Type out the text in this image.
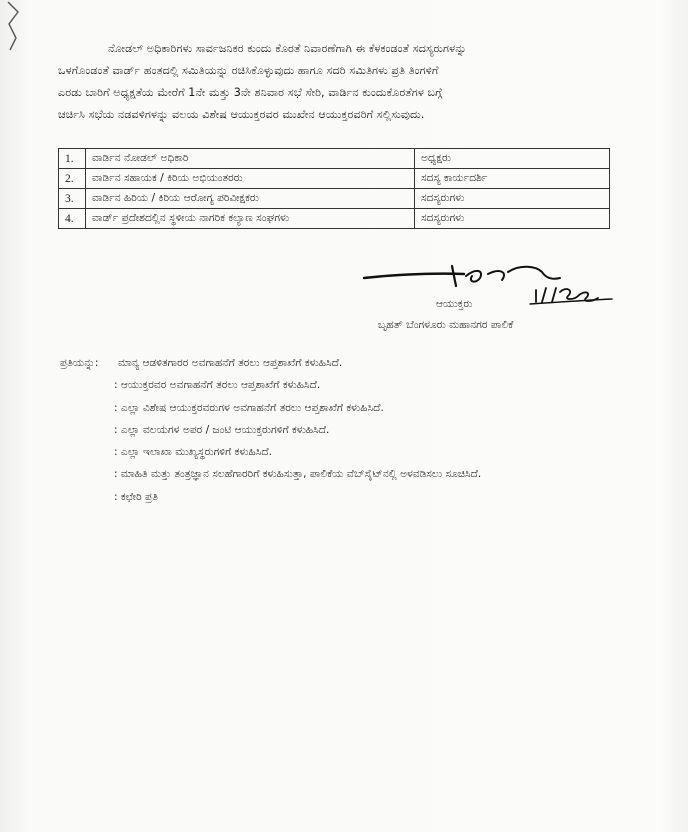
ನೋಡಲ್ ಅಧಿಕಾರಿಗಳು ಸಾರ್ವಜನಿಕರ ಕುಂದು ಕೊರತೆ ನಿವಾರಣೆಗಾಗಿ ಈ ಕೆಳಕಂಡಂತೆ ಸದಸ್ಯರುಗಳನ್ನು
ಒಳಗೊಂಡಂತೆ ವಾರ್ಡ್ ಹಂತದಲ್ಲಿ ಸಮಿತಿಯನ್ನು ರಚಿಸಿಕೊಳ್ಳುವುದು ಹಾಗೂ ಸದರಿ ಸಮಿತಿಗಳು ಪ್ರತಿ ತಿಂಗಳಿಗೆ
ಎರಡು ಬಾರಿಗೆ ಅಧ್ಯಕ್ಷತೆಯ ಮೇರೆಗೆ 1ನೇ ಮತ್ತು 3ನೇ ಶನಿವಾರ ಸಭೆ ಸೇರಿ, ವಾರ್ಡಿನ ಕುಂದುಕೊರತೆಗಳ ಬಗ್ಗೆ
ಚರ್ಚಿಸಿ ಸಭೆಯ ನಡವಳಿಗಳನ್ನು ವಲಯ ವಿಶೇಷ ಆಯುಕ್ತರವರ ಮುಖೇನ ಆಯುಕ್ತರವರಿಗೆ ಸಲ್ಲಿಸುವುದು.
1.	ವಾರ್ಡಿನ ನೋಡಲ್ ಅಧಿಕಾರಿ	ಅಧ್ಯಕ್ಷರು
2.	ವಾರ್ಡಿನ ಸಹಾಯಕ / ಕಿರಿಯ ಅಭಿಯಂತರರು	ಸದಸ್ಯ ಕಾರ್ಯದರ್ಶಿ
3.	ವಾರ್ಡಿನ ಹಿರಿಯ / ಕಿರಿಯ ಆರೋಗ್ಯ ಪರಿವೀಕ್ಷಕರು	ಸದಸ್ಯರುಗಳು
4.	ವಾರ್ಡ್ ಪ್ರದೇಶದಲ್ಲಿನ ಸ್ಥಳೀಯ ನಾಗರಿಕ ಕಲ್ಯಾಣ ಸಂಘಗಳು	ಸದಸ್ಯರುಗಳು
ಆಯುಕ್ತರು
ಬೃಹತ್ ಬೆಂಗಳೂರು ಮಹಾನಗರ ಪಾಲಿಕೆ
ಪ್ರತಿಯನ್ನು: ಮಾನ್ಯ ಆಡಳಿತಗಾರರ ಅವಗಾಹನೆಗೆ ತರಲು ಆಪ್ತಶಾಖೆಗೆ ಕಳುಹಿಸಿದೆ.
: ಆಯುಕ್ತರವರ ಅವಗಾಹನೆಗೆ ತರಲು ಆಪ್ತಶಾಖೆಗೆ ಕಳುಹಿಸಿದೆ.
: ಎಲ್ಲಾ ವಿಶೇಷ ಆಯುಕ್ತರವರುಗಳ ಅವಗಾಹನೆಗೆ ತರಲು ಆಪ್ತಶಾಖೆಗೆ ಕಳುಹಿಸಿದೆ.
: ಎಲ್ಲಾ ವಲಯಗಳ ಅಪರ / ಜಂಟಿ ಆಯುಕ್ತರುಗಳಿಗೆ ಕಳುಹಿಸಿದೆ.
: ಎಲ್ಲಾ ಇಲಾಖಾ ಮುಖ್ಯಸ್ಥರುಗಳಿಗೆ ಕಳುಹಿಸಿದೆ.
: ಮಾಹಿತಿ ಮತ್ತು ತಂತ್ರಜ್ಞಾನ ಸಲಹೆಗಾರರಿಗೆ ಕಳುಹಿಸುತ್ತಾ, ಪಾಲಿಕೆಯ ವೆಬ್‌ಸೈಟ್‌ನಲ್ಲಿ ಅಳವಡಿಸಲು ಸೂಚಿಸಿದೆ.
: ಕಛೇರಿ ಪ್ರತಿ
